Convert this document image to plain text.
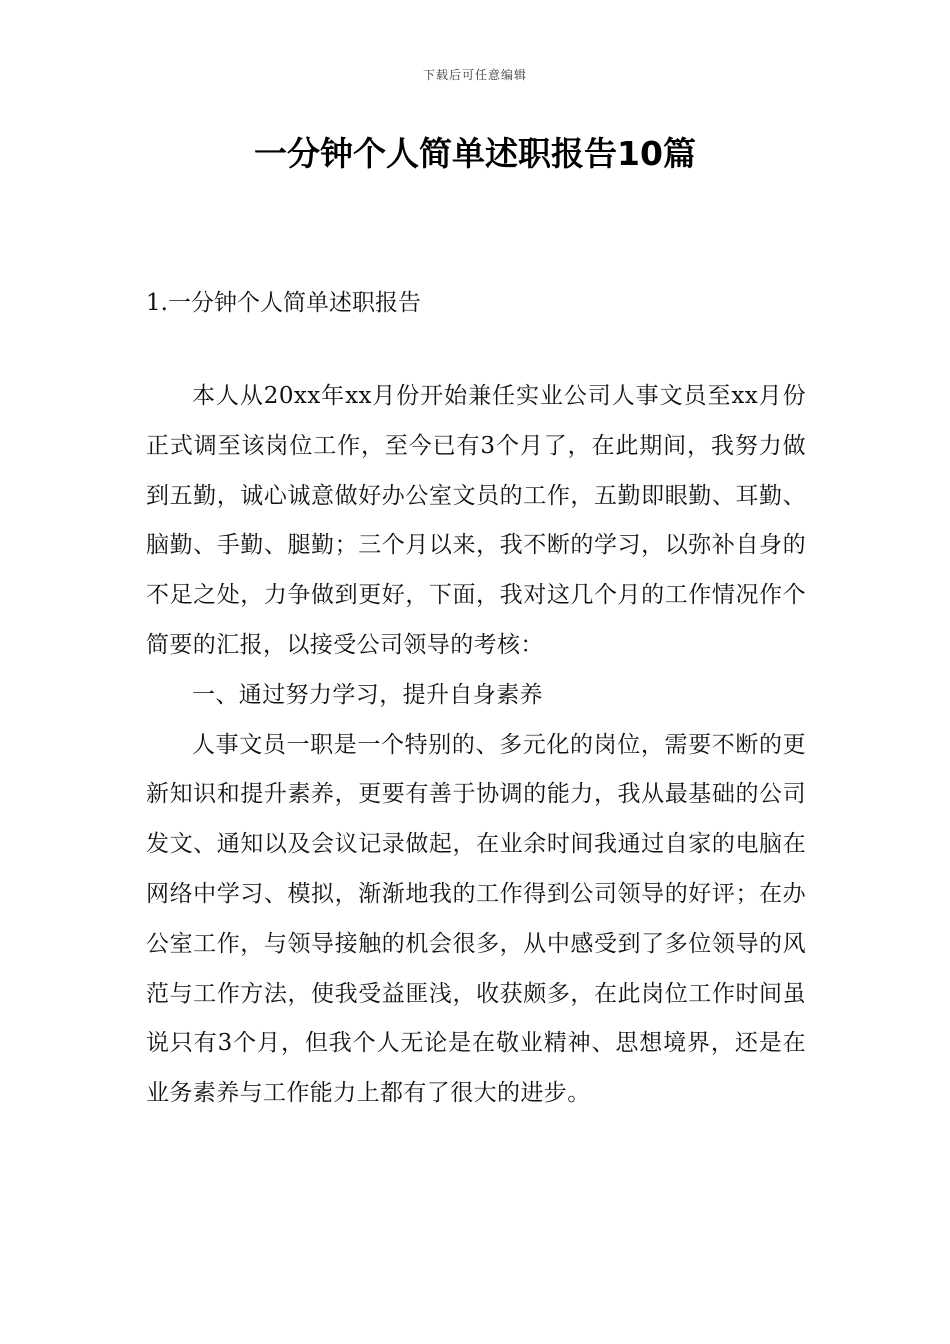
下载后可任意编辑
一分钟个人简单述职报告10篇
1.一分钟个人简单述职报告

本人从20xx年xx月份开始兼任实业公司人事文员至xx月份正式调至该岗位工作，至今已有3个月了，在此期间，我努力做到五勤，诚心诚意做好办公室文员的工作，五勤即眼勤、耳勤、脑勤、手勤、腿勤；三个月以来，我不断的学习，以弥补自身的不足之处，力争做到更好，下面，我对这几个月的工作情况作个简要的汇报，以接受公司领导的考核：

一、通过努力学习，提升自身素养

人事文员一职是一个特别的、多元化的岗位，需要不断的更新知识和提升素养，更要有善于协调的能力，我从最基础的公司发文、通知以及会议记录做起，在业余时间我通过自家的电脑在网络中学习、模拟，渐渐地我的工作得到公司领导的好评；在办公室工作，与领导接触的机会很多，从中感受到了多位领导的风范与工作方法，使我受益匪浅，收获颇多，在此岗位工作时间虽说只有3个月，但我个人无论是在敬业精神、思想境界，还是在业务素养与工作能力上都有了很大的进步。
